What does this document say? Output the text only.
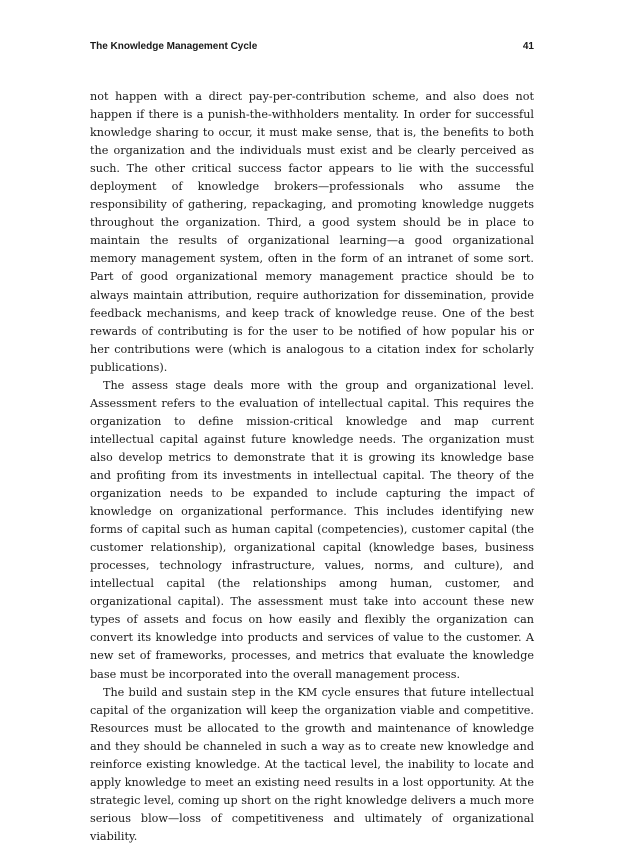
The Knowledge Management Cycle	41

not happen with a direct pay-per-contribution scheme, and also does not happen if there is a punish-the-withholders mentality. In order for successful knowledge sharing to occur, it must make sense, that is, the benefits to both the organization and the individuals must exist and be clearly perceived as such. The other critical success factor appears to lie with the successful deployment of knowledge brokers—professionals who assume the responsibility of gathering, repackaging, and promoting knowledge nuggets throughout the organization. Third, a good system should be in place to maintain the results of organizational learning—a good organizational memory management system, often in the form of an intranet of some sort. Part of good organizational memory management practice should be to always maintain attribution, require authorization for dissemination, provide feedback mechanisms, and keep track of knowledge reuse. One of the best rewards of contributing is for the user to be notified of how popular his or her contributions were (which is analogous to a citation index for scholarly publications).

The assess stage deals more with the group and organizational level. Assessment refers to the evaluation of intellectual capital. This requires the organization to define mission-critical knowledge and map current intellectual capital against future knowledge needs. The organization must also develop metrics to demonstrate that it is growing its knowledge base and profiting from its investments in intellectual capital. The theory of the organization needs to be expanded to include capturing the impact of knowledge on organizational performance. This includes identifying new forms of capital such as human capital (competencies), customer capital (the customer relationship), organizational capital (knowledge bases, business processes, technology infrastructure, values, norms, and culture), and intellectual capital (the relationships among human, customer, and organizational capital). The assessment must take into account these new types of assets and focus on how easily and flexibly the organization can convert its knowledge into products and services of value to the customer. A new set of frameworks, processes, and metrics that evaluate the knowledge base must be incorporated into the overall management process.

The build and sustain step in the KM cycle ensures that future intellectual capital of the organization will keep the organization viable and competitive. Resources must be allocated to the growth and maintenance of knowledge and they should be channeled in such a way as to create new knowledge and reinforce existing knowledge. At the tactical level, the inability to locate and apply knowledge to meet an existing need results in a lost opportunity. At the strategic level, coming up short on the right knowledge delivers a much more serious blow—loss of competitiveness and ultimately of organizational viability.
